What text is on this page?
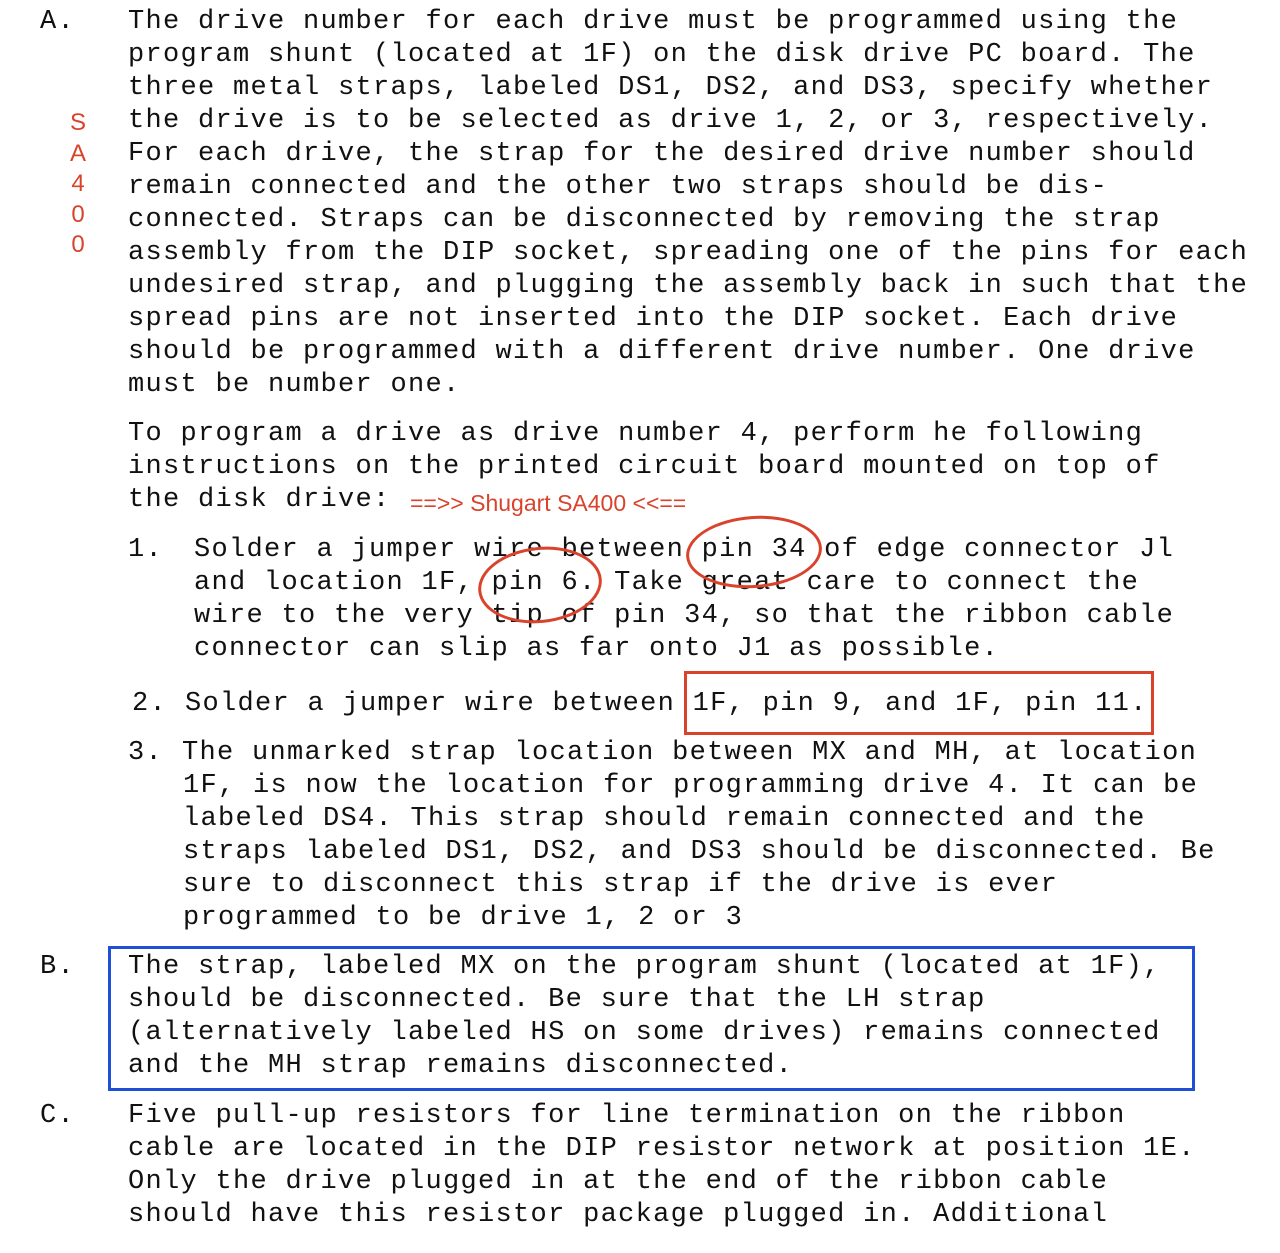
A.
S
A
4
0
0
The drive number for each drive must be programmed using the
program shunt (located at 1F) on the disk drive PC board. The
three metal straps, labeled DS1, DS2, and DS3, specify whether
the drive is to be selected as drive 1, 2, or 3, respectively.
For each drive, the strap for the desired drive number should
remain connected and the other two straps should be dis-
connected. Straps can be disconnected by removing the strap
assembly from the DIP socket, spreading one of the pins for each
undesired strap, and plugging the assembly back in such that the
spread pins are not inserted into the DIP socket. Each drive
should be programmed with a different drive number. One drive
must be number one.
To program a drive as drive number 4, perform he following
instructions on the printed circuit board mounted on top of
the disk drive: ==>> Shugart SA400 <<==
1. Solder a jumper wire between pin 34 of edge connector Jl
and location 1F, pin 6. Take great care to connect the
wire to the very tip of pin 34, so that the ribbon cable
connector can slip as far onto J1 as possible.
2. Solder a jumper wire between 1F, pin 9, and 1F, pin 11.
3. The unmarked strap location between MX and MH, at location
1F, is now the location for programming drive 4. It can be
labeled DS4. This strap should remain connected and the
straps labeled DS1, DS2, and DS3 should be disconnected. Be
sure to disconnect this strap if the drive is ever
programmed to be drive 1, 2 or 3
B. The strap, labeled MX on the program shunt (located at 1F),
should be disconnected. Be sure that the LH strap
(alternatively labeled HS on some drives) remains connected
and the MH strap remains disconnected.
C. Five pull-up resistors for line termination on the ribbon
cable are located in the DIP resistor network at position 1E.
Only the drive plugged in at the end of the ribbon cable
should have this resistor package plugged in. Additional
